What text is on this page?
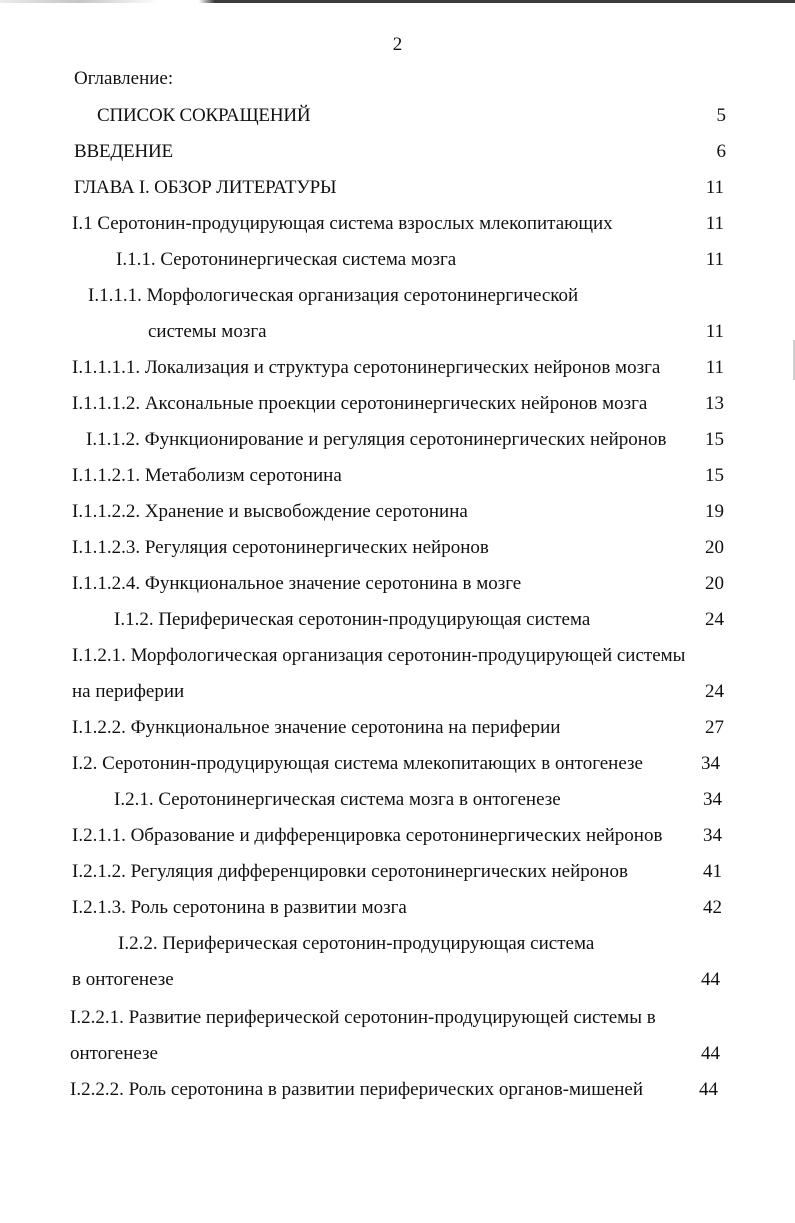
2
Оглавление:
СПИСОК СОКРАЩЕНИЙ	5
ВВЕДЕНИЕ	6
ГЛАВА I. ОБЗОР ЛИТЕРАТУРЫ	11
I.1 Серотонин-продуцирующая система взрослых млекопитающих	11
I.1.1. Серотонинергическая система мозга	11
I.1.1.1. Морфологическая организация серотонинергической
системы мозга	11
I.1.1.1.1. Локализация и структура серотонинергических нейронов мозга	11
I.1.1.1.2. Аксональные проекции серотонинергических нейронов мозга	13
I.1.1.2. Функционирование и регуляция серотонинергических нейронов	15
I.1.1.2.1. Метаболизм серотонина	15
I.1.1.2.2. Хранение и высвобождение серотонина	19
I.1.1.2.3. Регуляция серотонинергических нейронов	20
I.1.1.2.4. Функциональное значение серотонина в мозге	20
I.1.2. Периферическая серотонин-продуцирующая система	24
I.1.2.1. Морфологическая организация серотонин-продуцирующей системы
на периферии	24
I.1.2.2. Функциональное значение серотонина на периферии	27
I.2. Серотонин-продуцирующая система млекопитающих в онтогенезе	34
I.2.1. Серотонинергическая система мозга в онтогенезе	34
I.2.1.1. Образование и дифференцировка серотонинергических нейронов	34
I.2.1.2. Регуляция дифференцировки серотонинергических нейронов	41
I.2.1.3. Роль серотонина в развитии мозга	42
I.2.2. Периферическая серотонин-продуцирующая система
в онтогенезе	44
I.2.2.1. Развитие периферической серотонин-продуцирующей системы в
онтогенезе	44
I.2.2.2. Роль серотонина в развитии периферических органов-мишеней	44
